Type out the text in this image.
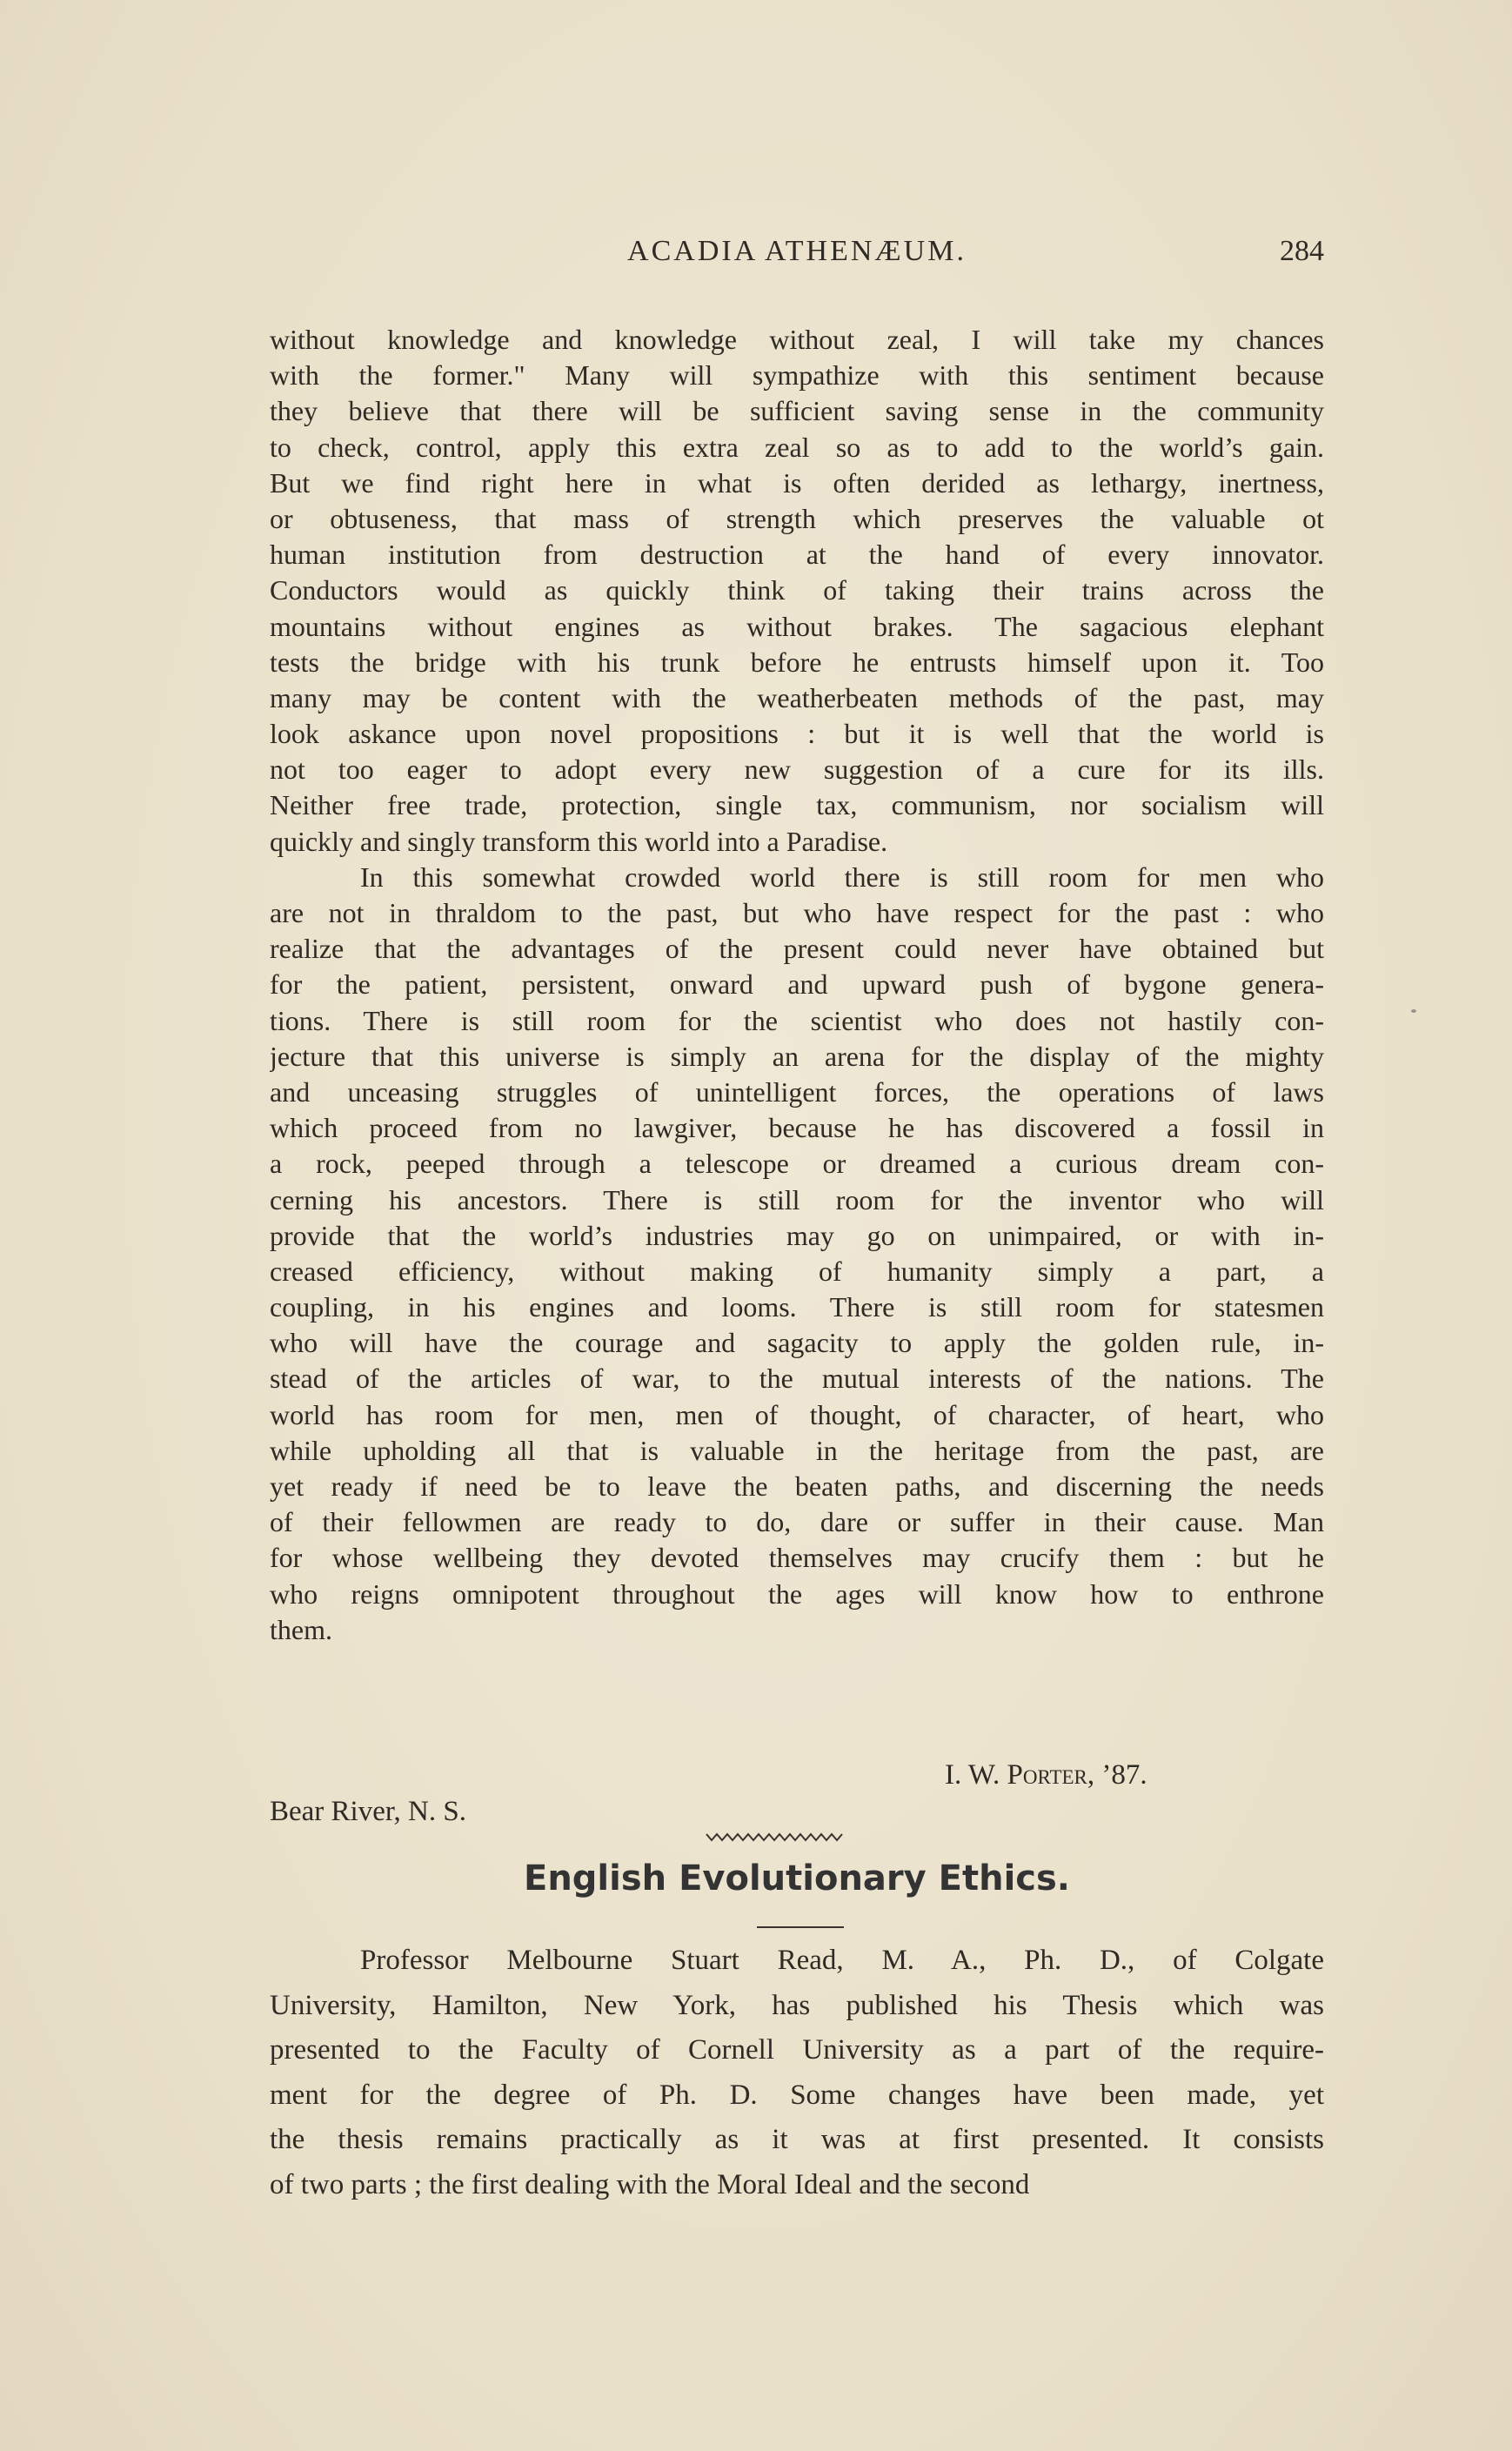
ACADIA ATHENÆUM.	284
without knowledge and knowledge without zeal, I will take my chances
with the former." Many will sympathize with this sentiment because
they believe that there will be sufficient saving sense in the community
to check, control, apply this extra zeal so as to add to the world’s gain.
But we find right here in what is often derided as lethargy, inertness,
or obtuseness, that mass of strength which preserves the valuable ot
human institution from destruction at the hand of every innovator.
Conductors would as quickly think of taking their trains across the
mountains without engines as without brakes. The sagacious elephant
tests the bridge with his trunk before he entrusts himself upon it. Too
many may be content with the weatherbeaten methods of the past, may
look askance upon novel propositions : but it is well that the world is
not too eager to adopt every new suggestion of a cure for its ills.
Neither free trade, protection, single tax, communism, nor socialism will
quickly and singly transform this world into a Paradise.
In this somewhat crowded world there is still room for men who
are not in thraldom to the past, but who have respect for the past : who
realize that the advantages of the present could never have obtained but
for the patient, persistent, onward and upward push of bygone genera-
tions. There is still room for the scientist who does not hastily con-
jecture that this universe is simply an arena for the display of the mighty
and unceasing struggles of unintelligent forces, the operations of laws
which proceed from no lawgiver, because he has discovered a fossil in
a rock, peeped through a telescope or dreamed a curious dream con-
cerning his ancestors. There is still room for the inventor who will
provide that the world’s industries may go on unimpaired, or with in-
creased efficiency, without making of humanity simply a part, a
coupling, in his engines and looms. There is still room for statesmen
who will have the courage and sagacity to apply the golden rule, in-
stead of the articles of war, to the mutual interests of the nations. The
world has room for men, men of thought, of character, of heart, who
while upholding all that is valuable in the heritage from the past, are
yet ready if need be to leave the beaten paths, and discerning the needs
of their fellowmen are ready to do, dare or suffer in their cause. Man
for whose wellbeing they devoted themselves may crucify them : but he
who reigns omnipotent throughout the ages will know how to enthrone
them.
I. W. Porter, ’87.
Bear River, N. S.
English Evolutionary Ethics.
Professor Melbourne Stuart Read, M. A., Ph. D., of Colgate
University, Hamilton, New York, has published his Thesis which was
presented to the Faculty of Cornell University as a part of the require-
ment for the degree of Ph. D. Some changes have been made, yet
the thesis remains practically as it was at first presented. It consists
of two parts ; the first dealing with the Moral Ideal and the second
